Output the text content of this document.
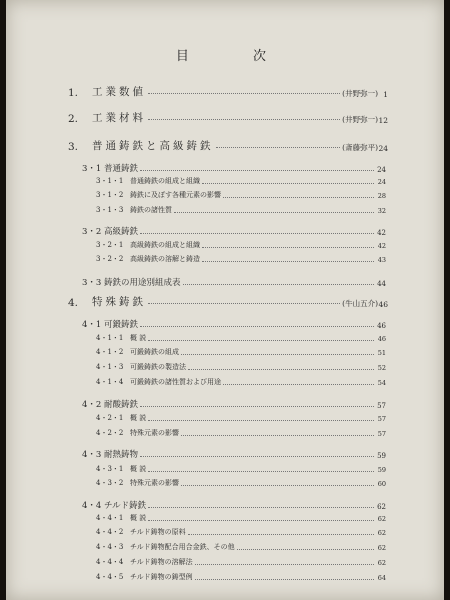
目 次
1.	工業数値	(井野弥一) 1
2.	工業材料	(井野弥一) 12
3.	普通鋳鉄と高級鋳鉄	(斎藤弥平) 24
3・1 普通鋳鉄	24
3・1・1 普通鋳鉄の組成と組織	24
3・1・2 鋳鉄に及ぼす各種元素の影響	28
3・1・3 鋳鉄の諸性質	32
3・2 高級鋳鉄	42
3・2・1 高級鋳鉄の組成と組織	42
3・2・2 高級鋳鉄の溶解と鋳造	43
3・3 鋳鉄の用途別組成表	44
4.	特殊鋳鉄	(牛山五介) 46
4・1 可鍛鋳鉄	46
4・1・1 概 説	46
4・1・2 可鍛鋳鉄の組成	51
4・1・3 可鍛鋳鉄の製造法	52
4・1・4 可鍛鋳鉄の諸性質および用途	54
4・2 耐酸鋳鉄	57
4・2・1 概 説	57
4・2・2 特殊元素の影響	57
4・3 耐熱鋳物	59
4・3・1 概 説	59
4・3・2 特殊元素の影響	60
4・4 チルド鋳鉄	62
4・4・1 概 説	62
4・4・2 チルド鋳物の原料	62
4・4・3 チルド鋳物配合用合金鉄、その他	62
4・4・4 チルド鋳物の溶解法	62
4・4・5 チルド鋳物の鋳型例	64
